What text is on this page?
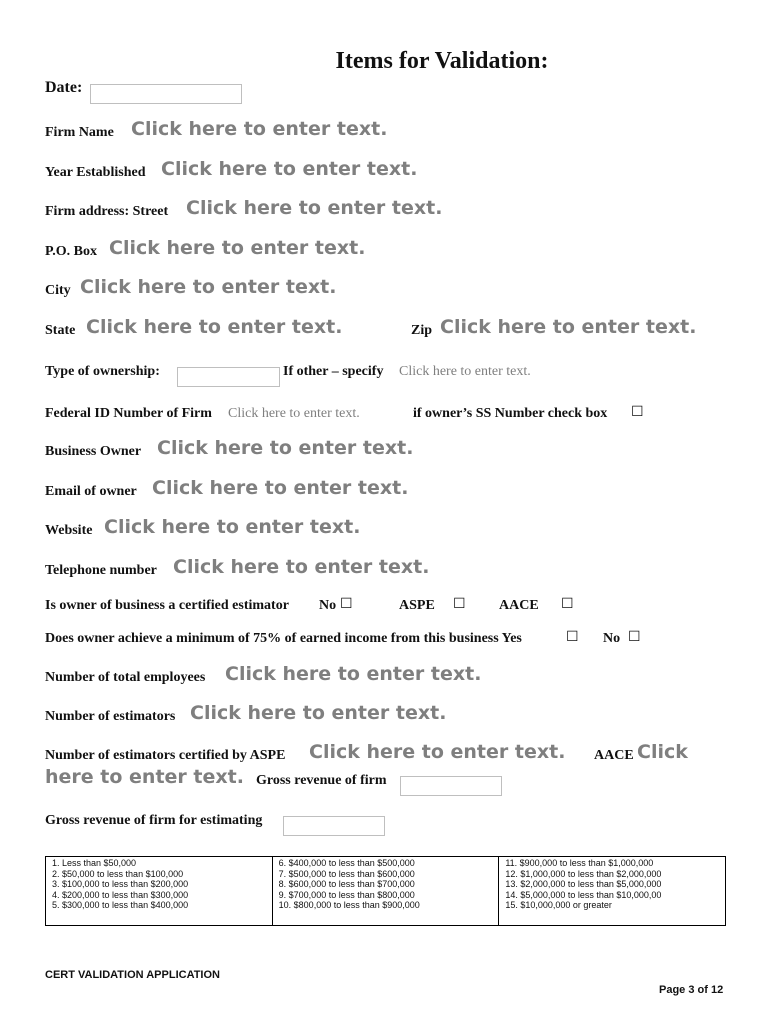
Items for Validation:
Date:
Firm Name Click here to enter text.
Year Established Click here to enter text.
Firm address: Street Click here to enter text.
P.O. Box Click here to enter text.
City Click here to enter text.
State Click here to enter text.	Zip Click here to enter text.
Type of ownership:	If other – specify Click here to enter text.
Federal ID Number of Firm Click here to enter text.	if owner’s SS Number check box ☐
Business Owner Click here to enter text.
Email of owner Click here to enter text.
Website Click here to enter text.
Telephone number Click here to enter text.
Is owner of business a certified estimator No ☐	ASPE ☐ AACE ☐
Does owner achieve a minimum of 75% of earned income from this business Yes	☐ No ☐
Number of total employees Click here to enter text.
Number of estimators Click here to enter text.
Number of estimators certified by ASPE Click here to enter text. AACE Click
here to enter text. Gross revenue of firm
Gross revenue of firm for estimating
1. Less than $50,000
2. $50,000 to less than $100,000
3. $100,000 to less than $200,000
4. $200,000 to less than $300,000
5. $300,000 to less than $400,000

6. $400,000 to less than $500,000
7. $500,000 to less than $600,000
8. $600,000 to less than $700,000
9. $700,000 to less than $800,000
10. $800,000 to less than $900,000

11. $900,000 to less than $1,000,000
12. $1,000,000 to less than $2,000,000
13. $2,000,000 to less than $5,000,000
14. $5,000,000 to less than $10,000,00
15. $10,000,000 or greater
CERT VALIDATION APPLICATION
Page 3 of 12
